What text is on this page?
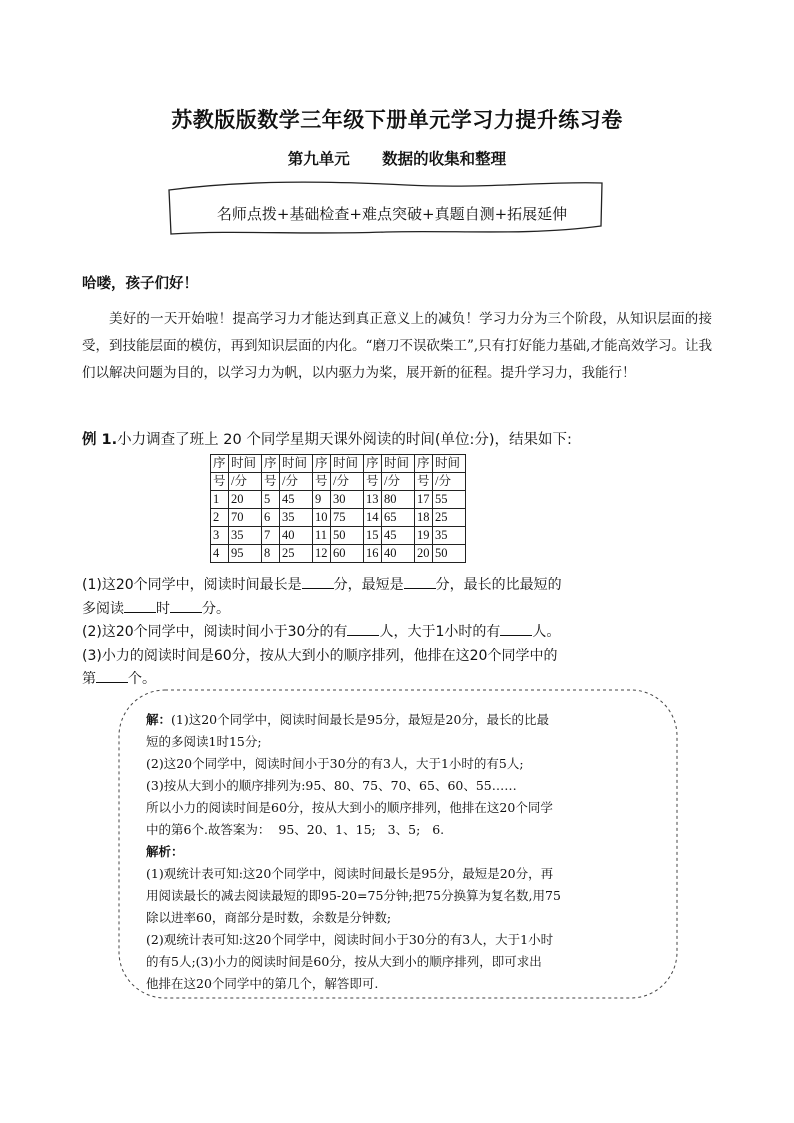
苏教版版数学三年级下册单元学习力提升练习卷
第九单元      数据的收集和整理
名师点拨+基础检查+难点突破+真题自测+拓展延伸
哈喽，孩子们好！
美好的一天开始啦！提高学习力才能达到真正意义上的减负！学习力分为三个阶段，从知识层面的接受，到技能层面的模仿，再到知识层面的内化。“磨刀不误砍柴工”,只有打好能力基础,才能高效学习。让我们以解决问题为目的，以学习力为帆，以内驱力为桨，展开新的征程。提升学习力，我能行！
例 1.小力调查了班上 20 个同学星期天课外阅读的时间(单位:分)，结果如下:
序	时间	序	时间	序	时间	序	时间	序	时间
号	/分	号	/分	号	/分	号	/分	号	/分
1	20	5	45	9	30	13	80	17	55
2	70	6	35	10	75	14	65	18	25
3	35	7	40	11	50	15	45	19	35
4	95	8	25	12	60	16	40	20	50
(1)这20个同学中，阅读时间最长是 分，最短是 分，最长的比最短的
多阅读 时 分。
(2)这20个同学中，阅读时间小于30分的有 人，大于1小时的有 人。
(3)小力的阅读时间是60分，按从大到小的顺序排列，他排在这20个同学中的
第 个。
解：(1)这20个同学中，阅读时间最长是95分，最短是20分，最长的比最
短的多阅读1时15分;
(2)这20个同学中，阅读时间小于30分的有3人，大于1小时的有5人;
(3)按从大到小的顺序排列为:95、80、75、70、65、60、55……
所以小力的阅读时间是60分，按从大到小的顺序排列，他排在这20个同学
中的第6个.故答案为：  95、20、1、15;   3、5;   6.
解析：
(1)观统计表可知:这20个同学中，阅读时间最长是95分，最短是20分，再
用阅读最长的减去阅读最短的即95-20=75分钟;把75分换算为复名数,用75
除以进率60，商部分是时数，余数是分钟数;
(2)观统计表可知:这20个同学中，阅读时间小于30分的有3人，大于1小时
的有5人;(3)小力的阅读时间是60分，按从大到小的顺序排列，即可求出
他排在这20个同学中的第几个，解答即可.
